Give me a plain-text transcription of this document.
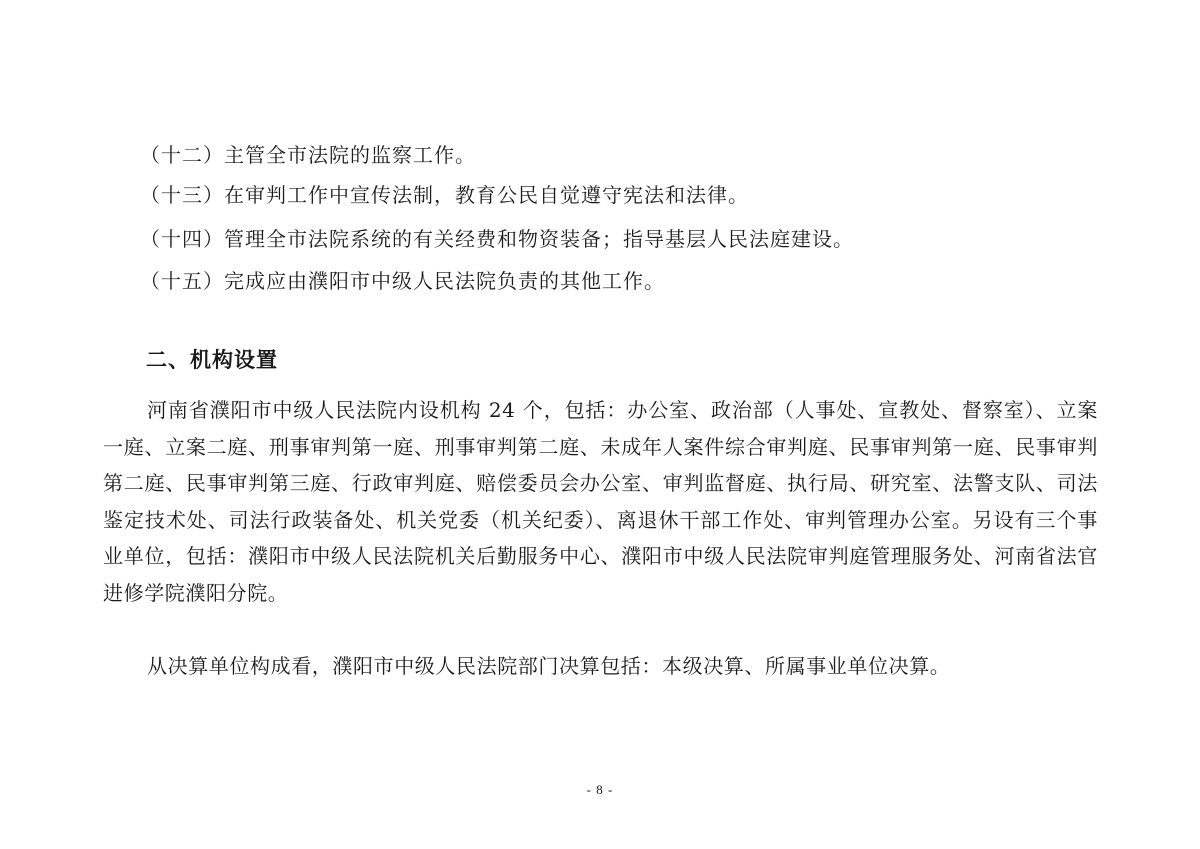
（十二）主管全市法院的监察工作。
（十三）在审判工作中宣传法制，教育公民自觉遵守宪法和法律。
（十四）管理全市法院系统的有关经费和物资装备；指导基层人民法庭建设。
（十五）完成应由濮阳市中级人民法院负责的其他工作。
二、机构设置
河南省濮阳市中级人民法院内设机构 24 个，包括：办公室、政治部（人事处、宣教处、督察室）、立案一庭、立案二庭、刑事审判第一庭、刑事审判第二庭、未成年人案件综合审判庭、民事审判第一庭、民事审判第二庭、民事审判第三庭、行政审判庭、赔偿委员会办公室、审判监督庭、执行局、研究室、法警支队、司法鉴定技术处、司法行政装备处、机关党委（机关纪委）、离退休干部工作处、审判管理办公室。另设有三个事业单位，包括：濮阳市中级人民法院机关后勤服务中心、濮阳市中级人民法院审判庭管理服务处、河南省法官进修学院濮阳分院。
从决算单位构成看，濮阳市中级人民法院部门决算包括：本级决算、所属事业单位决算。
- 8 -
